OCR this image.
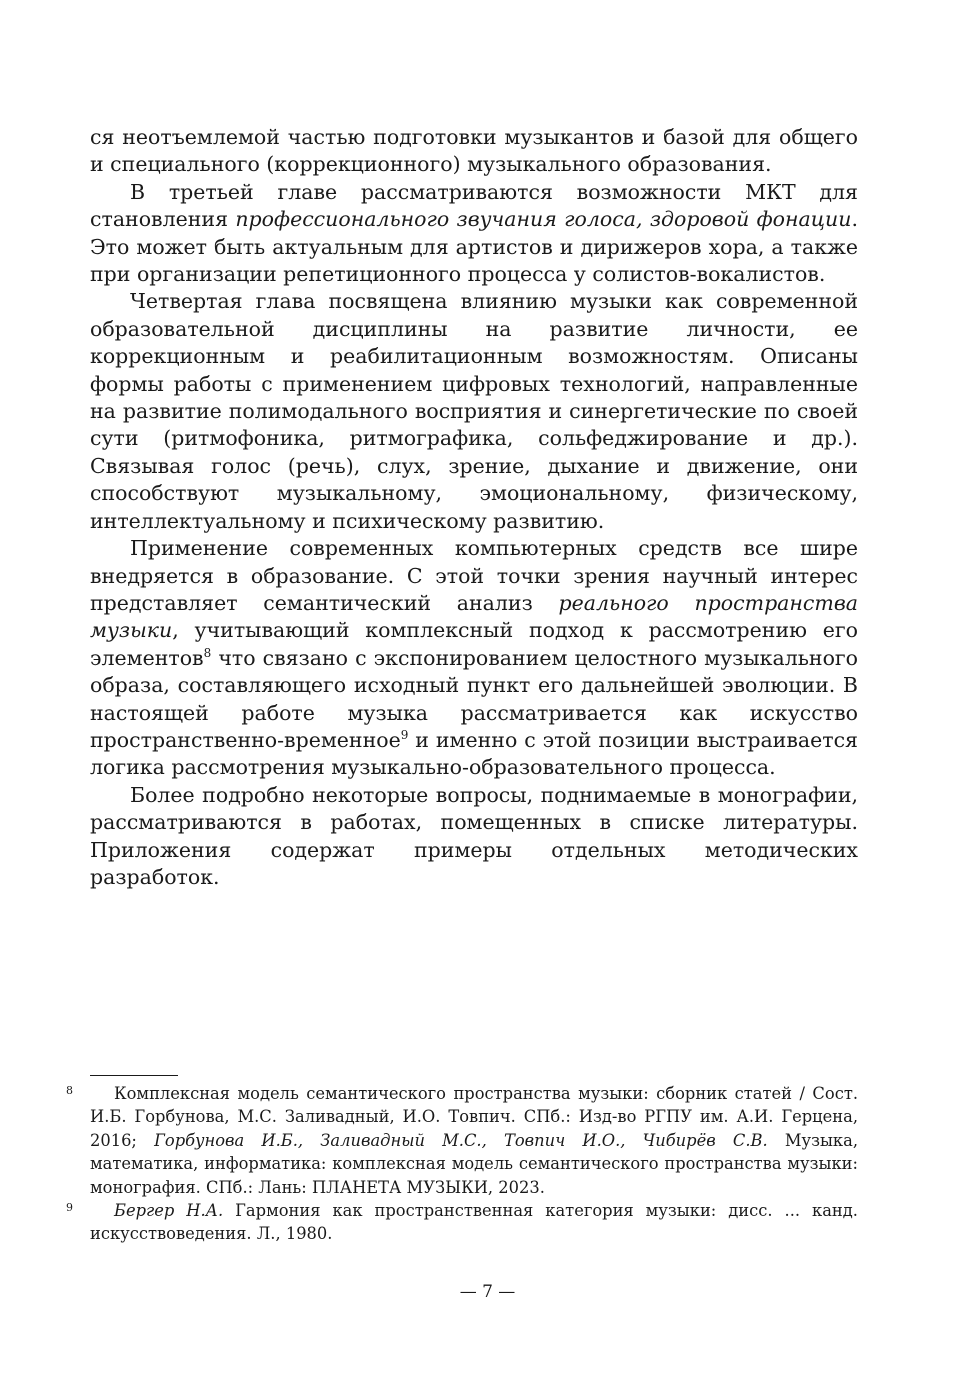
ся неотъемлемой частью подготовки музыкантов и базой для общего и специального (коррекционного) музыкального образования.

В третьей главе рассматриваются возможности МКТ для становления профессионального звучания голоса, здоровой фонации. Это может быть актуальным для артистов и дирижеров хора, а также при организации репетиционного процесса у солистов-вокалистов.

Четвертая глава посвящена влиянию музыки как современной образовательной дисциплины на развитие личности, ее коррекционным и реабилитационным возможностям. Описаны формы работы с применением цифровых технологий, направленные на развитие полимодального восприятия и синергетические по своей сути (ритмофоника, ритмографика, сольфеджирование и др.). Связывая голос (речь), слух, зрение, дыхание и движение, они способствуют музыкальному, эмоциональному, физическому, интеллектуальному и психическому развитию.

Применение современных компьютерных средств все шире внедряется в образование. С этой точки зрения научный интерес представляет семантический анализ реального пространства музыки, учитывающий комплексный подход к рассмотрению его элементов$^8$ что связано с экспонированием целостного музыкального образа, составляющего исходный пункт его дальнейшей эволюции. В настоящей работе музыка рассматривается как искусство пространственно-временное$^9$ и именно с этой позиции выстраивается логика рассмотрения музыкально-образовательного процесса.

Более подробно некоторые вопросы, поднимаемые в монографии, рассматриваются в работах, помещенных в списке литературы. Приложения содержат примеры отдельных методических разработок.

8	Комплексная модель семантического пространства музыки: сборник статей / Сост. И.Б. Горбунова, М.С. Заливадный, И.О. Товпич. СПб.: Изд-во РГПУ им. А.И. Герцена, 2016; Горбунова И.Б., Заливадный М.С., Товпич И.О., Чибирёв С.В. Музыка, математика, информатика: комплексная модель семантического пространства музыки: монография. СПб.: Лань: ПЛАНЕТА МУЗЫКИ, 2023.

9	Бергер Н.А. Гармония как пространственная категория музыки: дисс. ... канд. искусствоведения. Л., 1980.

— 7 —
